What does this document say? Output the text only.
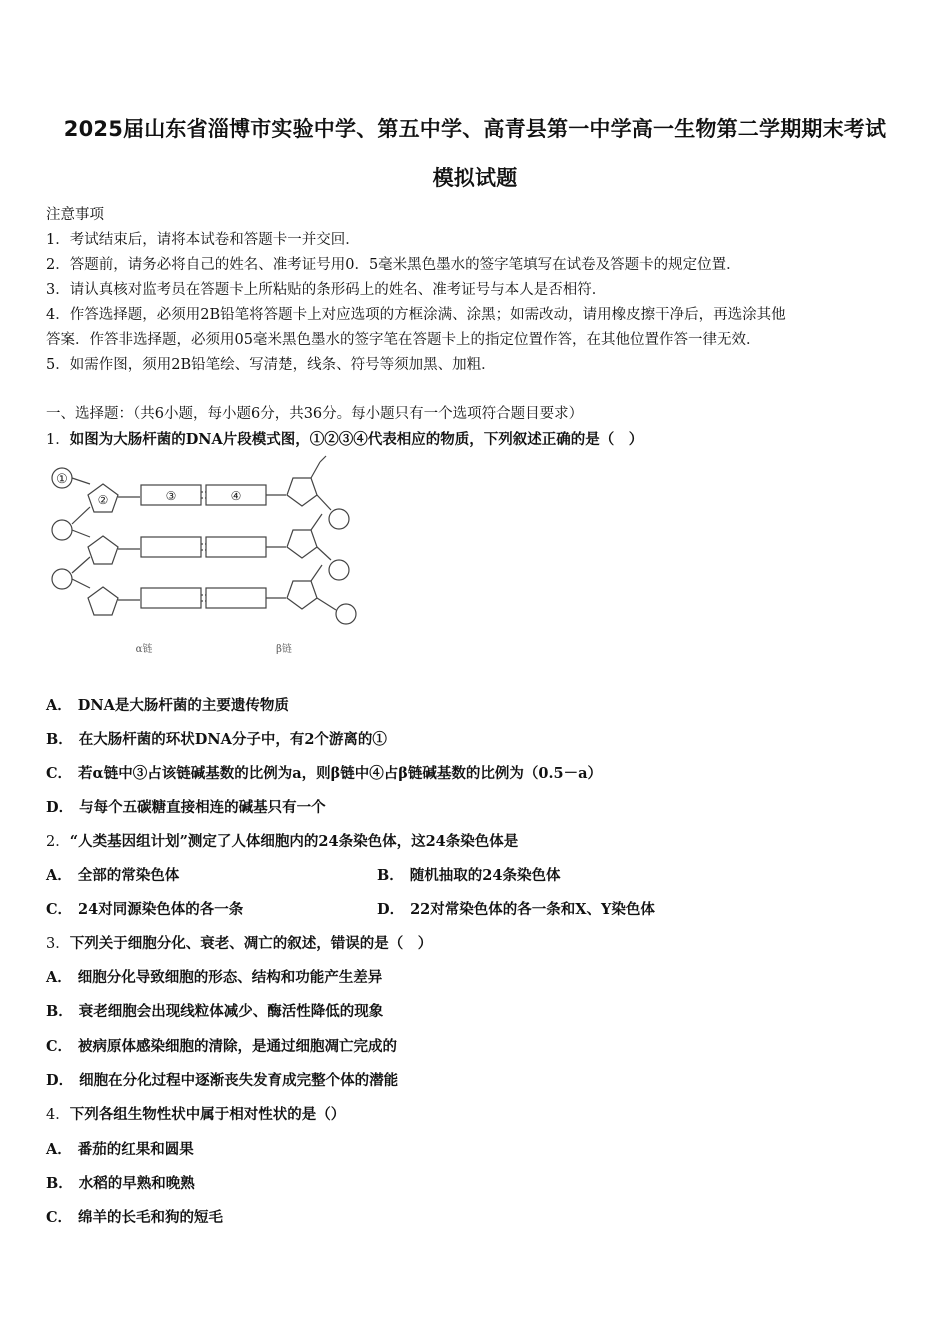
2025届山东省淄博市实验中学、第五中学、高青县第一中学高一生物第二学期期末考试
模拟试题
注意事项
1．考试结束后，请将本试卷和答题卡一并交回．
2．答题前，请务必将自己的姓名、准考证号用0．5毫米黑色墨水的签字笔填写在试卷及答题卡的规定位置．
3．请认真核对监考员在答题卡上所粘贴的条形码上的姓名、准考证号与本人是否相符．
4．作答选择题，必须用2B铅笔将答题卡上对应选项的方框涂满、涂黑；如需改动，请用橡皮擦干净后，再选涂其他
答案．作答非选择题，必须用05毫米黑色墨水的签字笔在答题卡上的指定位置作答，在其他位置作答一律无效．
5．如需作图，须用2B铅笔绘、写清楚，线条、符号等须加黑、加粗．
一、选择题：（共6小题，每小题6分，共36分。每小题只有一个选项符合题目要求）
1．如图为大肠杆菌的DNA片段模式图，①②③④代表相应的物质，下列叙述正确的是（　）
①
②	③	④
α链	β链
A． DNA是大肠杆菌的主要遗传物质
B． 在大肠杆菌的环状DNA分子中，有2个游离的①
C． 若α链中③占该链碱基数的比例为a，则β链中④占β链碱基数的比例为（0.5－a）
D． 与每个五碳糖直接相连的碱基只有一个
2．“人类基因组计划”测定了人体细胞内的24条染色体，这24条染色体是
A． 全部的常染色体	B． 随机抽取的24条染色体
C． 24对同源染色体的各一条	D． 22对常染色体的各一条和X、Y染色体
3．下列关于细胞分化、衰老、凋亡的叙述，错误的是（　）
A． 细胞分化导致细胞的形态、结构和功能产生差异
B． 衰老细胞会出现线粒体减少、酶活性降低的现象
C． 被病原体感染细胞的清除，是通过细胞凋亡完成的
D． 细胞在分化过程中逐渐丧失发育成完整个体的潜能
4．下列各组生物性状中属于相对性状的是（）
A． 番茄的红果和圆果
B． 水稻的早熟和晚熟
C． 绵羊的长毛和狗的短毛
